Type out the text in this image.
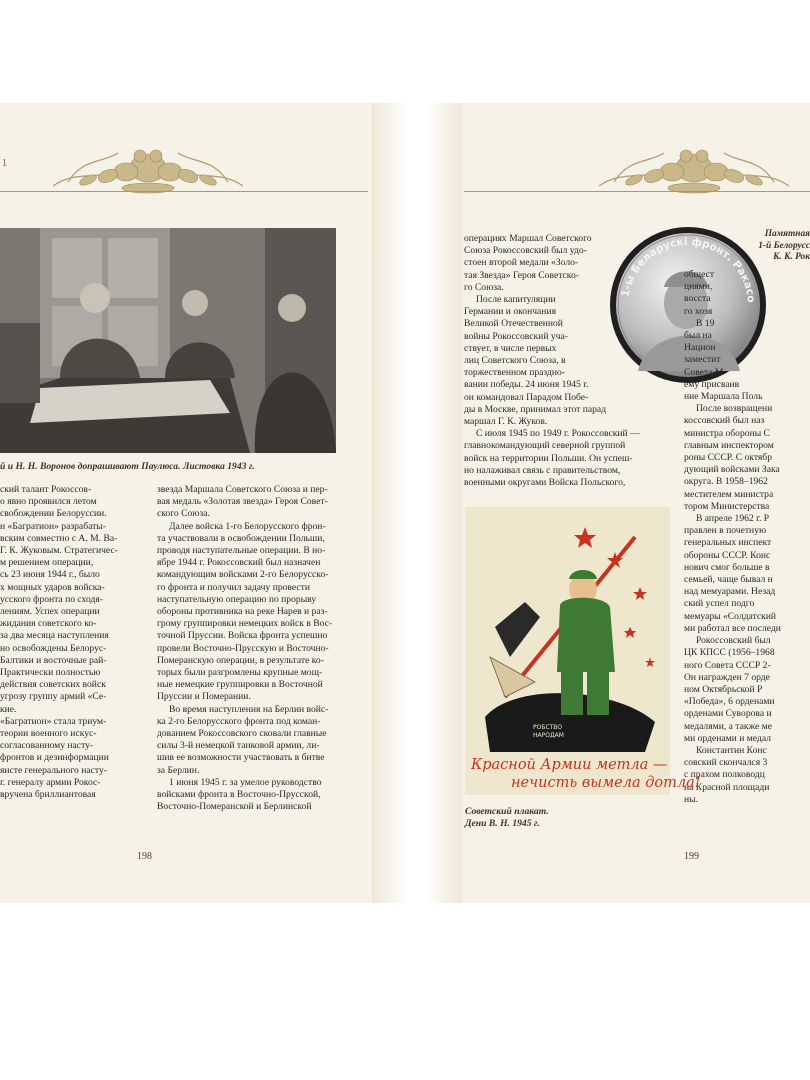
1
й и Н. Н. Воронов допрашивают Паулюса. Листовка 1943 г.

ский талант Рокоссов-

о явно проявился летом

свобождении Белоруссии.

н «Багратион» разрабаты-

вским совместно с А. М. Ва-

Г. К. Жуковым. Стратегичес-

м решением операции,

сь 23 июня 1944 г., было

х мощных ударов войска-

усского фронта по сходя-

лениям. Успех операции

жидания советского ко-

за два месяца наступления

но освобождены Белорус-

Балтики и восточные рай-

Практически полностью

действия советских войск

угрозу группу армий «Се-

кие.

«Багратион» стала триум-

теории военного искус-

согласованному насту-

фронтов и дезинформации

яисте генерального насту-

г. генералу армии Рокос-

вручена бриллиантовая

звезда Маршала Советского Союза и пер-

вая медаль «Золотая звезда» Героя Совет-

ского Союза.

Далее войска 1-го Белорусского фрон-

та участвовали в освобождении Польши,

проводя наступательные операции. В но-

ябре 1944 г. Рокоссовский был назначен

командующим войсками 2-го Белорусско-

го фронта и получил задачу провести

наступательную операцию по прорыву

обороны противника на реке Нарев и раз-

грому группировки немецких войск в Вос-

точной Пруссии. Войска фронта успешно

провели Восточно-Прусскую и Восточно-

Померанскую операции, в результате ко-

торых были разгромлены крупные мощ-

ные немецкие группировки в Восточной

Пруссии и Померании.

Во время наступления на Берлин войс-

ка 2-го Белорусского фронта под коман-

дованием Рокоссовского сковали главные

силы 3-й немецкой танковой армии, ли-

шив ее возможности участвовать в битве

за Берлин.

1 июня 1945 г. за умелое руководство

войсками фронта в Восточно-Прусской,

Восточно-Померанской и Берлинской

198

операциях Маршал Советского

Союза Рокоссовский был удо-

стоен второй медали «Золо-

тая Звезда» Героя Советско-

го Союза.

После капитуляции

Германии и окончания

Великой Отечественной

войны Рокоссовский уча-

ствует, в числе первых

лиц Советского Союза, в

торжественном праздно-

вании победы. 24 июня 1945 г.

он командовал Парадом Побе-

ды в Москве, принимал этот парад

маршал Г. К. Жуков.

С июля 1945 по 1949 г. Рокоссовский —

главнокомандующий северной группой

войск на территории Польши. Он успеш-

но налаживал связь с правительством,

военными округами Войска Польского,

1-ы Беларускі фронт. Ракасо
Памятная
1-й Белорусс
К. К. Рок

общест

циями,

восста

го хозя

В 19

был на

Национ

заместит

Совета М

ему присваив

ние Маршала Поль

После возвращени

коссовский был наз

министра обороны С

главным инспектором

роны СССР. С октябр

дующий войсками Зака

округа. В 1958–1962

местителем министра

тором Министерства

В апреле 1962 г. Р

правлен в почетную

генеральных инспект

обороны СССР. Конс

нович смог больше в

семьей, чаще бывал н

над мемуарами. Незад

ский успел подго

мемуары «Солдатский

ми работал все последн

Рокоссовский был

ЦК КПСС (1956–1968

ного Совета СССР 2-

Он награжден 7 орде

ном Октябрьской Р

«Победа», 6 орденами

орденами Суворова и

медалями, а также ме

ми орденами и медал

Константин Конс

совский скончался 3

с прахом полководц

на Красной площади

ны.

РОБСТВО
НАРОДАМ
Красной Армии метла —
нечисть вымела дотла!
Советский плакат.
Дени В. Н. 1945 г.
199
